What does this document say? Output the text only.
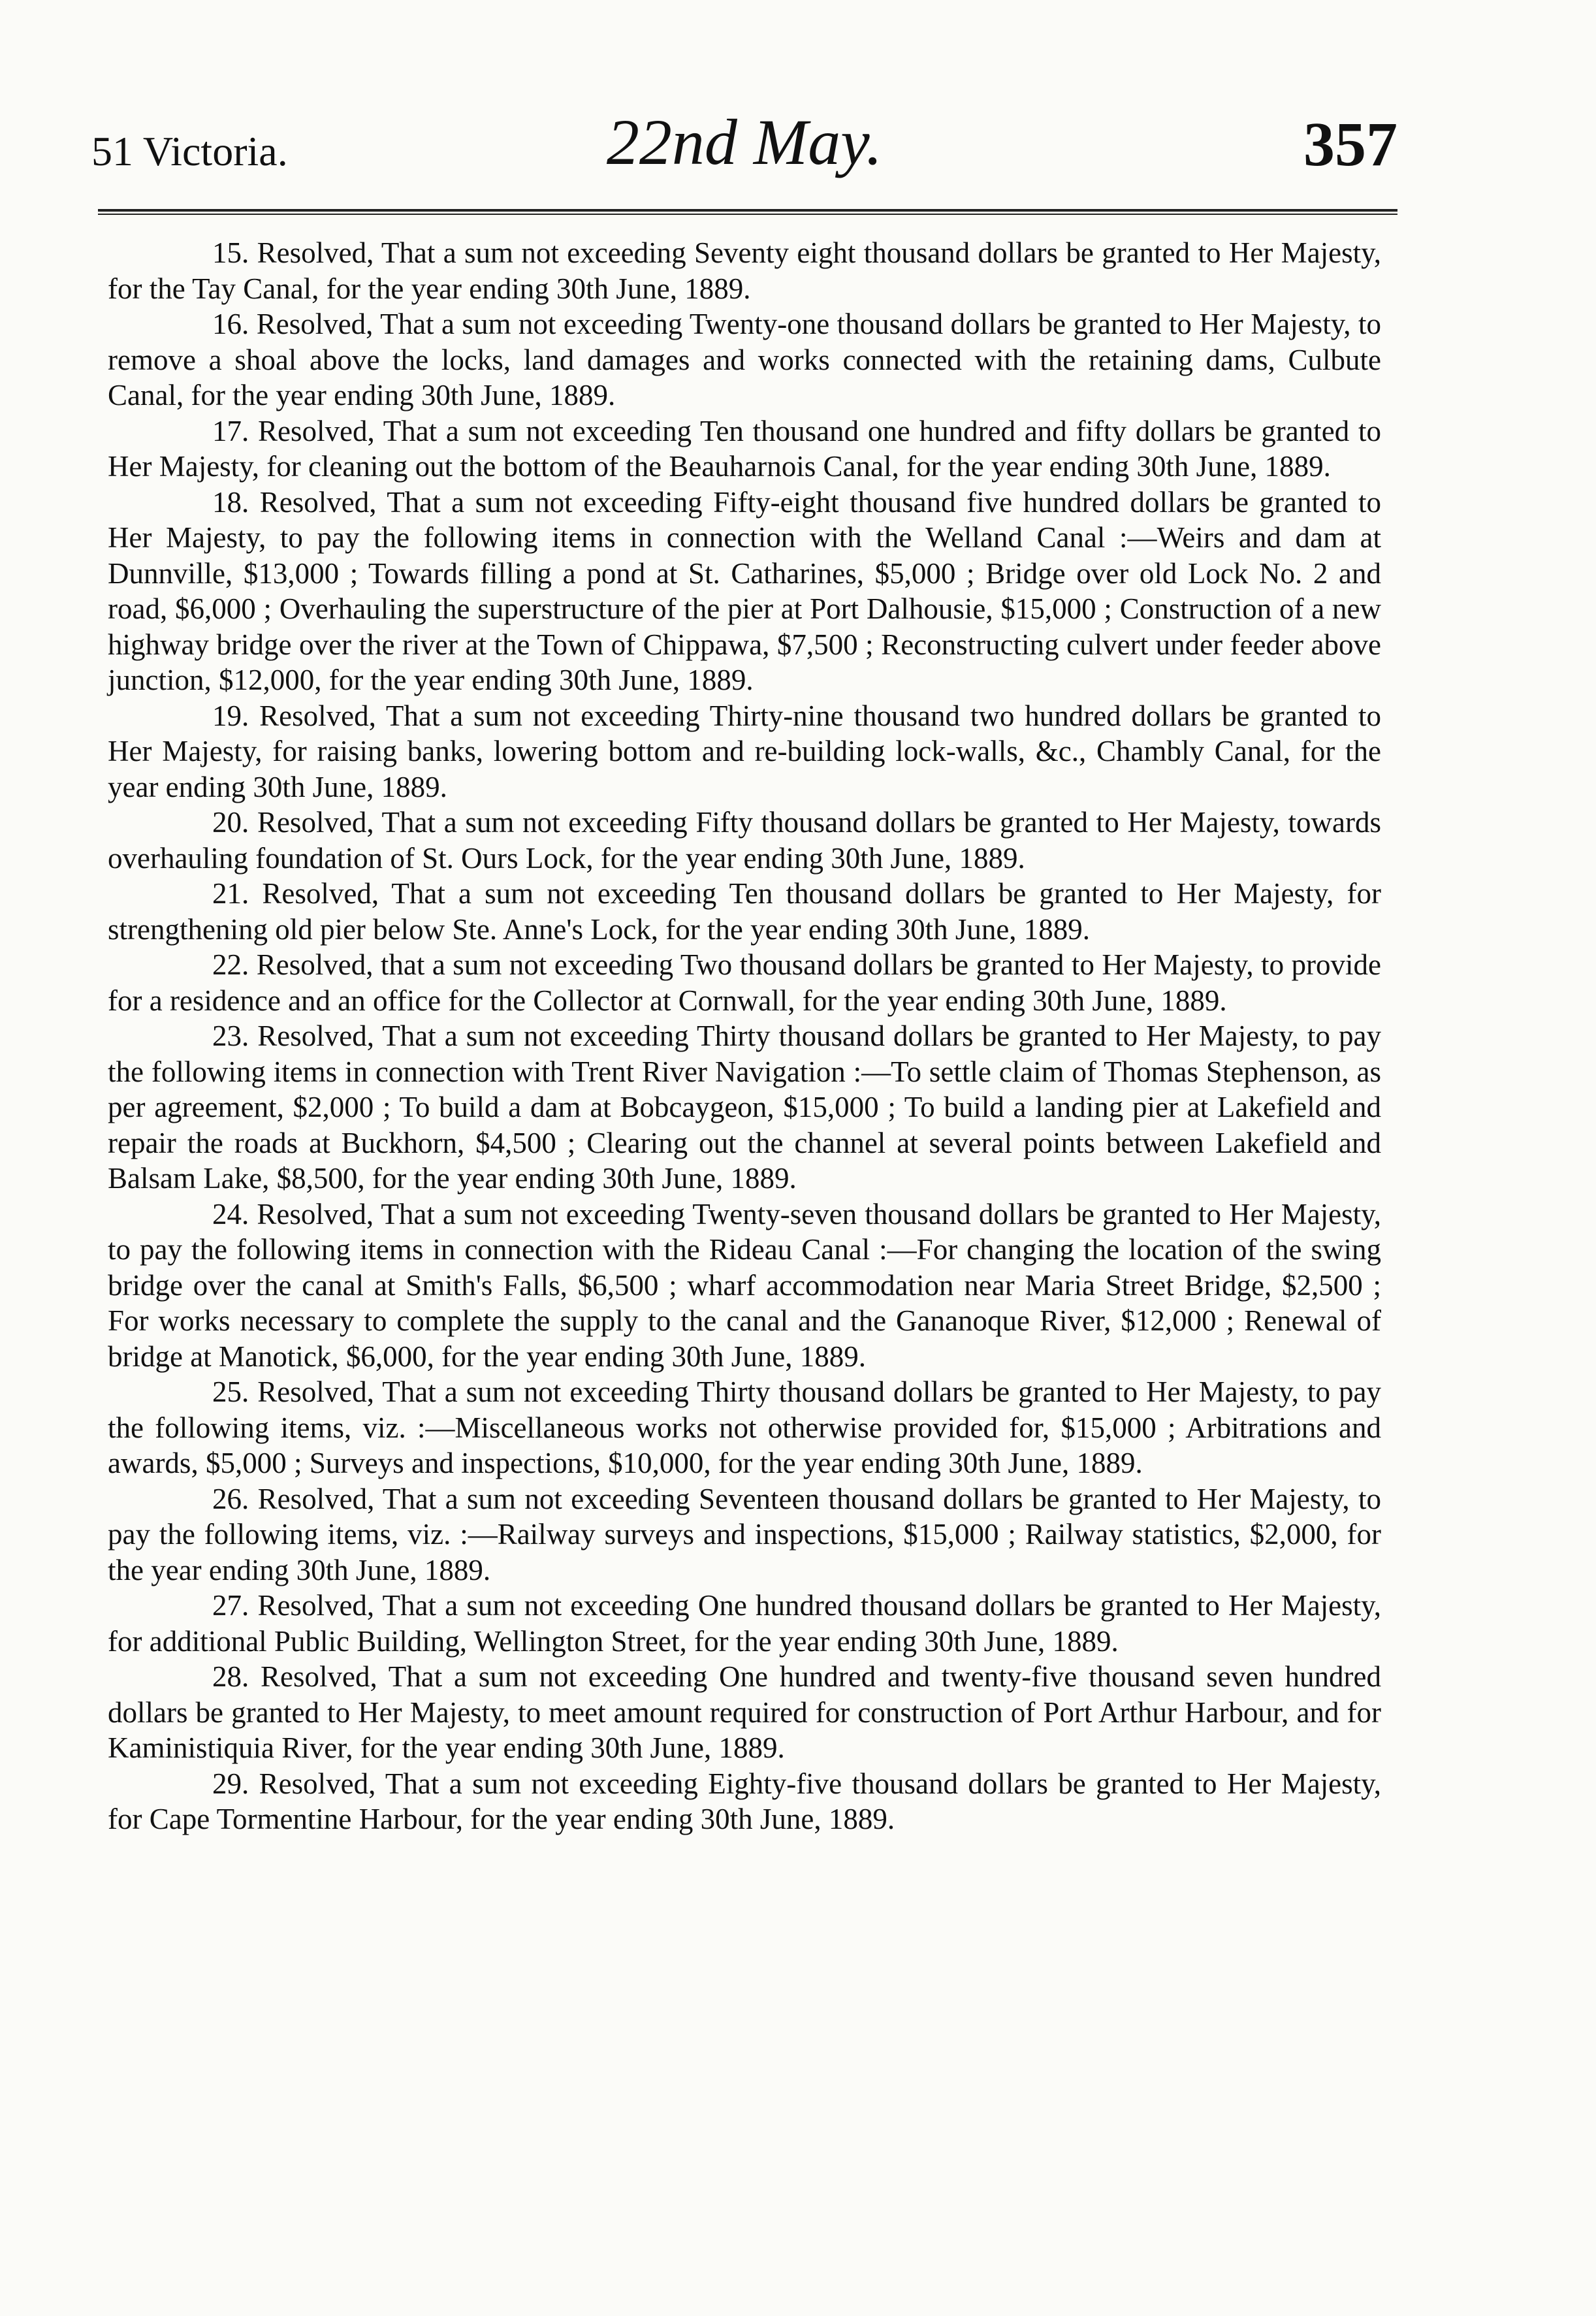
51 Victoria.	22nd May.	357

15. Resolved, That a sum not exceeding Seventy eight thousand dollars be granted to Her Majesty, for the Tay Canal, for the year ending 30th June, 1889.

16. Resolved, That a sum not exceeding Twenty-one thousand dollars be granted to Her Majesty, to remove a shoal above the locks, land damages and works connected with the retaining dams, Culbute Canal, for the year ending 30th June, 1889.

17. Resolved, That a sum not exceeding Ten thousand one hundred and fifty dollars be granted to Her Majesty, for cleaning out the bottom of the Beauharnois Canal, for the year ending 30th June, 1889.

18. Resolved, That a sum not exceeding Fifty-eight thousand five hundred dollars be granted to Her Majesty, to pay the following items in connection with the Welland Canal :—Weirs and dam at Dunnville, $13,000 ; Towards filling a pond at St. Catharines, $5,000 ; Bridge over old Lock No. 2 and road, $6,000 ; Overhauling the superstructure of the pier at Port Dalhousie, $15,000 ; Construction of a new highway bridge over the river at the Town of Chippawa, $7,500 ; Reconstructing culvert under feeder above junction, $12,000, for the year ending 30th June, 1889.

19. Resolved, That a sum not exceeding Thirty-nine thousand two hundred dollars be granted to Her Majesty, for raising banks, lowering bottom and re-building lock-walls, &c., Chambly Canal, for the year ending 30th June, 1889.

20. Resolved, That a sum not exceeding Fifty thousand dollars be granted to Her Majesty, towards overhauling foundation of St. Ours Lock, for the year ending 30th June, 1889.

21. Resolved, That a sum not exceeding Ten thousand dollars be granted to Her Majesty, for strengthening old pier below Ste. Anne's Lock, for the year ending 30th June, 1889.

22. Resolved, that a sum not exceeding Two thousand dollars be granted to Her Majesty, to provide for a residence and an office for the Collector at Cornwall, for the year ending 30th June, 1889.

23. Resolved, That a sum not exceeding Thirty thousand dollars be granted to Her Majesty, to pay the following items in connection with Trent River Navigation :—To settle claim of Thomas Stephenson, as per agreement, $2,000 ; To build a dam at Bobcaygeon, $15,000 ; To build a landing pier at Lakefield and repair the roads at Buckhorn, $4,500 ; Clearing out the channel at several points between Lakefield and Balsam Lake, $8,500, for the year ending 30th June, 1889.

24. Resolved, That a sum not exceeding Twenty-seven thousand dollars be granted to Her Majesty, to pay the following items in connection with the Rideau Canal :—For changing the location of the swing bridge over the canal at Smith's Falls, $6,500 ; wharf accommodation near Maria Street Bridge, $2,500 ; For works necessary to complete the supply to the canal and the Gananoque River, $12,000 ; Renewal of bridge at Manotick, $6,000, for the year ending 30th June, 1889.

25. Resolved, That a sum not exceeding Thirty thousand dollars be granted to Her Majesty, to pay the following items, viz. :—Miscellaneous works not otherwise provided for, $15,000 ; Arbitrations and awards, $5,000 ; Surveys and inspections, $10,000, for the year ending 30th June, 1889.

26. Resolved, That a sum not exceeding Seventeen thousand dollars be granted to Her Majesty, to pay the following items, viz. :—Railway surveys and inspections, $15,000 ; Railway statistics, $2,000, for the year ending 30th June, 1889.

27. Resolved, That a sum not exceeding One hundred thousand dollars be granted to Her Majesty, for additional Public Building, Wellington Street, for the year ending 30th June, 1889.

28. Resolved, That a sum not exceeding One hundred and twenty-five thousand seven hundred dollars be granted to Her Majesty, to meet amount required for construction of Port Arthur Harbour, and for Kaministiquia River, for the year ending 30th June, 1889.

29. Resolved, That a sum not exceeding Eighty-five thousand dollars be granted to Her Majesty, for Cape Tormentine Harbour, for the year ending 30th June, 1889.
